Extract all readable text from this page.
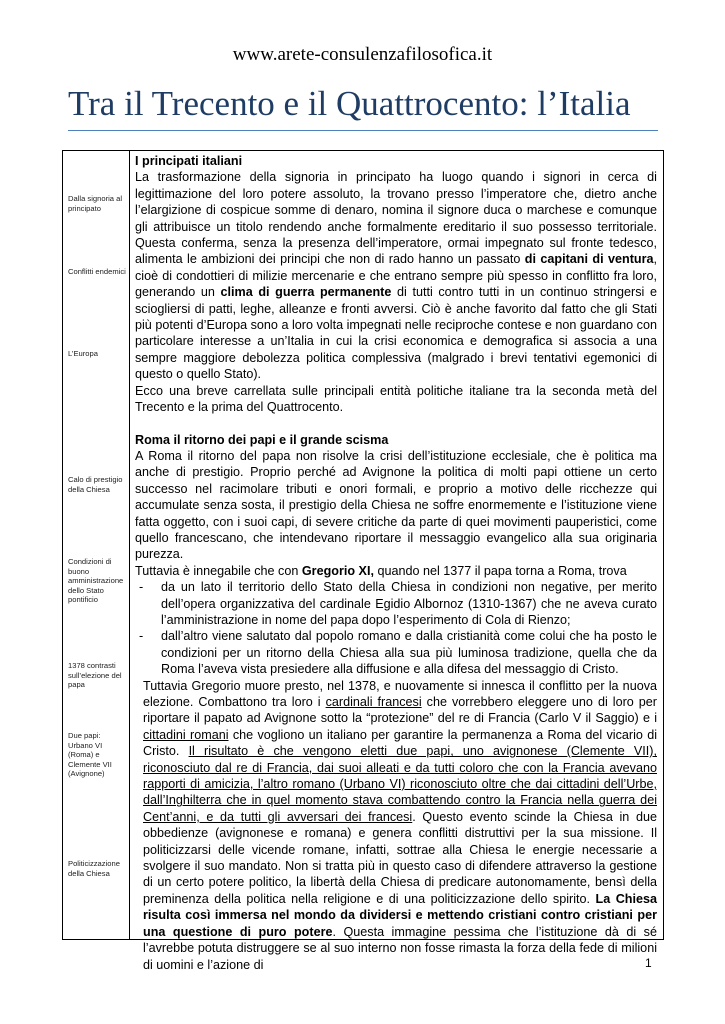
www.arete-consulenzafilosofica.it
Tra il Trecento e il Quattrocento: l’Italia
Dalla signoria al principato
Conflitti endemici
L’Europa
Calo di prestigio della Chiesa
Condizioni di buono amministrazione dello Stato pontificio
1378 contrasti sull’elezione del papa
Due papi: Urbano VI (Roma) e Clemente VII (Avignone)
Politicizzazione della Chiesa

I principati italiani

La trasformazione della signoria in principato ha luogo quando i signori in cerca di legittimazione del loro potere assoluto, la trovano presso l’imperatore che, dietro anche l’elargizione di cospicue somme di denaro, nomina il signore duca o marchese e comunque gli attribuisce un titolo rendendo anche formalmente ereditario il suo possesso territoriale. Questa conferma, senza la presenza dell’imperatore, ormai impegnato sul fronte tedesco, alimenta le ambizioni dei principi che non di rado hanno un passato di capitani di ventura, cioè di condottieri di milizie mercenarie e che entrano sempre più spesso in conflitto fra loro, generando un clima di guerra permanente di tutti contro tutti in un continuo stringersi e sciogliersi di patti, leghe, alleanze e fronti avversi. Ciò è anche favorito dal fatto che gli Stati più potenti d’Europa sono a loro volta impegnati nelle reciproche contese e non guardano con particolare interesse a un’Italia in cui la crisi economica e demografica si associa a una sempre maggiore debolezza politica complessiva (malgrado i brevi tentativi egemonici di questo o quello Stato).

Ecco una breve carrellata sulle principali entità politiche italiane tra la seconda metà del Trecento e la prima del Quattrocento.

Roma il ritorno dei papi e il grande scisma

A Roma il ritorno del papa non risolve la crisi dell’istituzione ecclesiale, che è politica ma anche di prestigio. Proprio perché ad Avignone la politica di molti papi ottiene un certo successo nel racimolare tributi e onori formali, e proprio a motivo delle ricchezze qui accumulate senza sosta, il prestigio della Chiesa ne soffre enormemente e l’istituzione viene fatta oggetto, con i suoi capi, di severe critiche da parte di quei movimenti pauperistici, come quello francescano, che intendevano riportare il messaggio evangelico alla sua originaria purezza.

Tuttavia è innegabile che con Gregorio XI, quando nel 1377 il papa torna a Roma, trova

- da un lato il territorio dello Stato della Chiesa in condizioni non negative, per merito dell’opera organizzativa del cardinale Egidio Albornoz (1310-1367) che ne aveva curato l’amministrazione in nome del papa dopo l’esperimento di Cola di Rienzo;
- dall’altro viene salutato dal popolo romano e dalla cristianità come colui che ha posto le condizioni per un ritorno della Chiesa alla sua più luminosa tradizione, quella che da Roma l’aveva vista presiedere alla diffusione e alla difesa del messaggio di Cristo.

Tuttavia Gregorio muore presto, nel 1378, e nuovamente si innesca il conflitto per la nuova elezione. Combattono tra loro i cardinali francesi che vorrebbero eleggere uno di loro per riportare il papato ad Avignone sotto la “protezione” del re di Francia (Carlo V il Saggio) e i cittadini romani che vogliono un italiano per garantire la permanenza a Roma del vicario di Cristo. Il risultato è che vengono eletti due papi, uno avignonese (Clemente VII), riconosciuto dal re di Francia, dai suoi alleati e da tutti coloro che con la Francia avevano rapporti di amicizia, l’altro romano (Urbano VI) riconosciuto oltre che dai cittadini dell’Urbe, dall’Inghilterra che in quel momento stava combattendo contro la Francia nella guerra dei Cent’anni, e da tutti gli avversari dei francesi. Questo evento scinde la Chiesa in due obbedienze (avignonese e romana) e genera conflitti distruttivi per la sua missione. Il politicizzarsi delle vicende romane, infatti, sottrae alla Chiesa le energie necessarie a svolgere il suo mandato. Non si tratta più in questo caso di difendere attraverso la gestione di un certo potere politico, la libertà della Chiesa di predicare autonomamente, bensì della preminenza della politica nella religione e di una politicizzazione dello spirito. La Chiesa risulta così immersa nel mondo da dividersi e mettendo cristiani contro cristiani per una questione di puro potere. Questa immagine pessima che l’istituzione dà di sé l’avrebbe potuta distruggere se al suo interno non fosse rimasta la forza della fede di milioni di uomini e l’azione di	1
